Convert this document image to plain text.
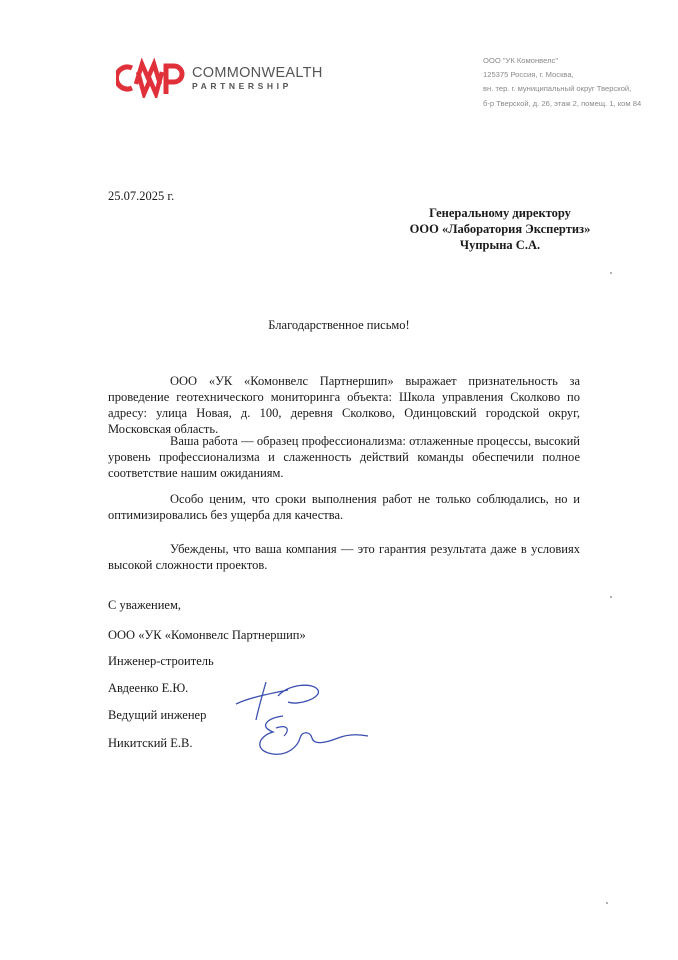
COMMONWEALTH
PARTNERSHIP
ООО "УК Комонвелс"
125375 Россия, г. Москва,
вн. тер. г. муниципальный округ Тверской,
б-р Тверской, д. 26, этаж 2, помещ. 1, ком 84
25.07.2025 г.
Генеральному директору
ООО «Лаборатория Экспертиз»
Чупрына С.А.
Благодарственное письмо!

ООО «УК «Комонвелс Партнершип» выражает признательность за проведение геотехнического мониторинга объекта: Школа управления Сколково по адресу: улица Новая, д. 100, деревня Сколково, Одинцовский городской округ, Московская область.

Ваша работа — образец профессионализма: отлаженные процессы, высокий уровень профессионализма и слаженность действий команды обеспечили полное соответствие нашим ожиданиям.

Особо ценим, что сроки выполнения работ не только соблюдались, но и оптимизировались без ущерба для качества.

Убеждены, что ваша компания — это гарантия результата даже в условиях высокой сложности проектов.

С уважением,
ООО «УК «Комонвелс Партнершип»
Инженер-строитель
Авдеенко Е.Ю.
Ведущий инженер
Никитский Е.В.
